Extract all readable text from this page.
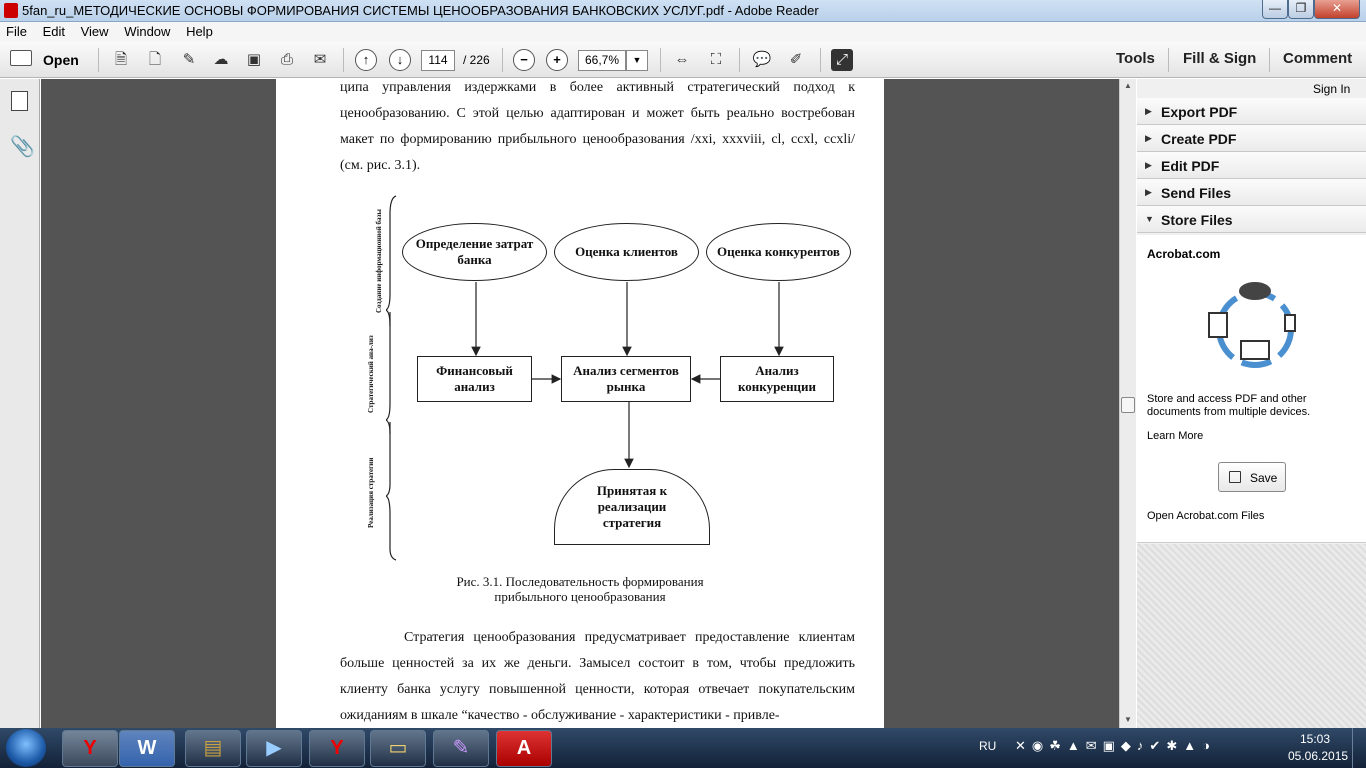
5fan_ru_МЕТОДИЧЕСКИЕ ОСНОВЫ ФОРМИРОВАНИЯ СИСТЕМЫ ЦЕНООБРАЗОВАНИЯ БАНКОВСКИХ УСЛУГ.pdf - Adobe Reader	—	❐	✕
File Edit View Window Help
Open	🗎	🗋	✎	☁ ▣	⎙	✉	↑	↓	114	/ 226	−	+	66,7%	▼	⇔	⛶	💬	✐	⤢	Tools Fill & Sign Comment
📎
ципа управления издержками в более активный стратегический подход к ценообразованию. С этой целью адаптирован и может быть реально востребован макет по формированию прибыльного ценообразования /xxi, xxxviii, cl, ccxl, ccxli/ (см. рис. 3.1).
Создание информационной базы
Стратегический ана-лиз
Реализация стратегии
Определение затрат банка
Оценка клиентов	Оценка конкурентов
Финансовый анализ
Анализ сегментов рынка
Анализ конкуренции
Принятая к реализации стратегия
Рис. 3.1. Последовательность формирования
прибыльного ценообразования
Стратегия ценообразования предусматривает предоставление клиентам больше ценностей за их же деньги. Замысел состоит в том, чтобы предложить клиенту банка услугу повышенной ценности, которая отвечает покупательским ожиданиям в шкале “качество - обслуживание - характеристики - привле-
▲
▼
Sign In
▶ Export PDF
▶ Create PDF
▶ Edit PDF
▶ Send Files
▼ Store Files
Acrobat.com
Store and access PDF and other documents from multiple devices.
Learn More
Save
Open Acrobat.com Files
Y	W	▤	▶	Y	▭	✎	A	RU ✕◉☘▲✉▣◆♪✔✱▲◑	15:03
05.06.2015
